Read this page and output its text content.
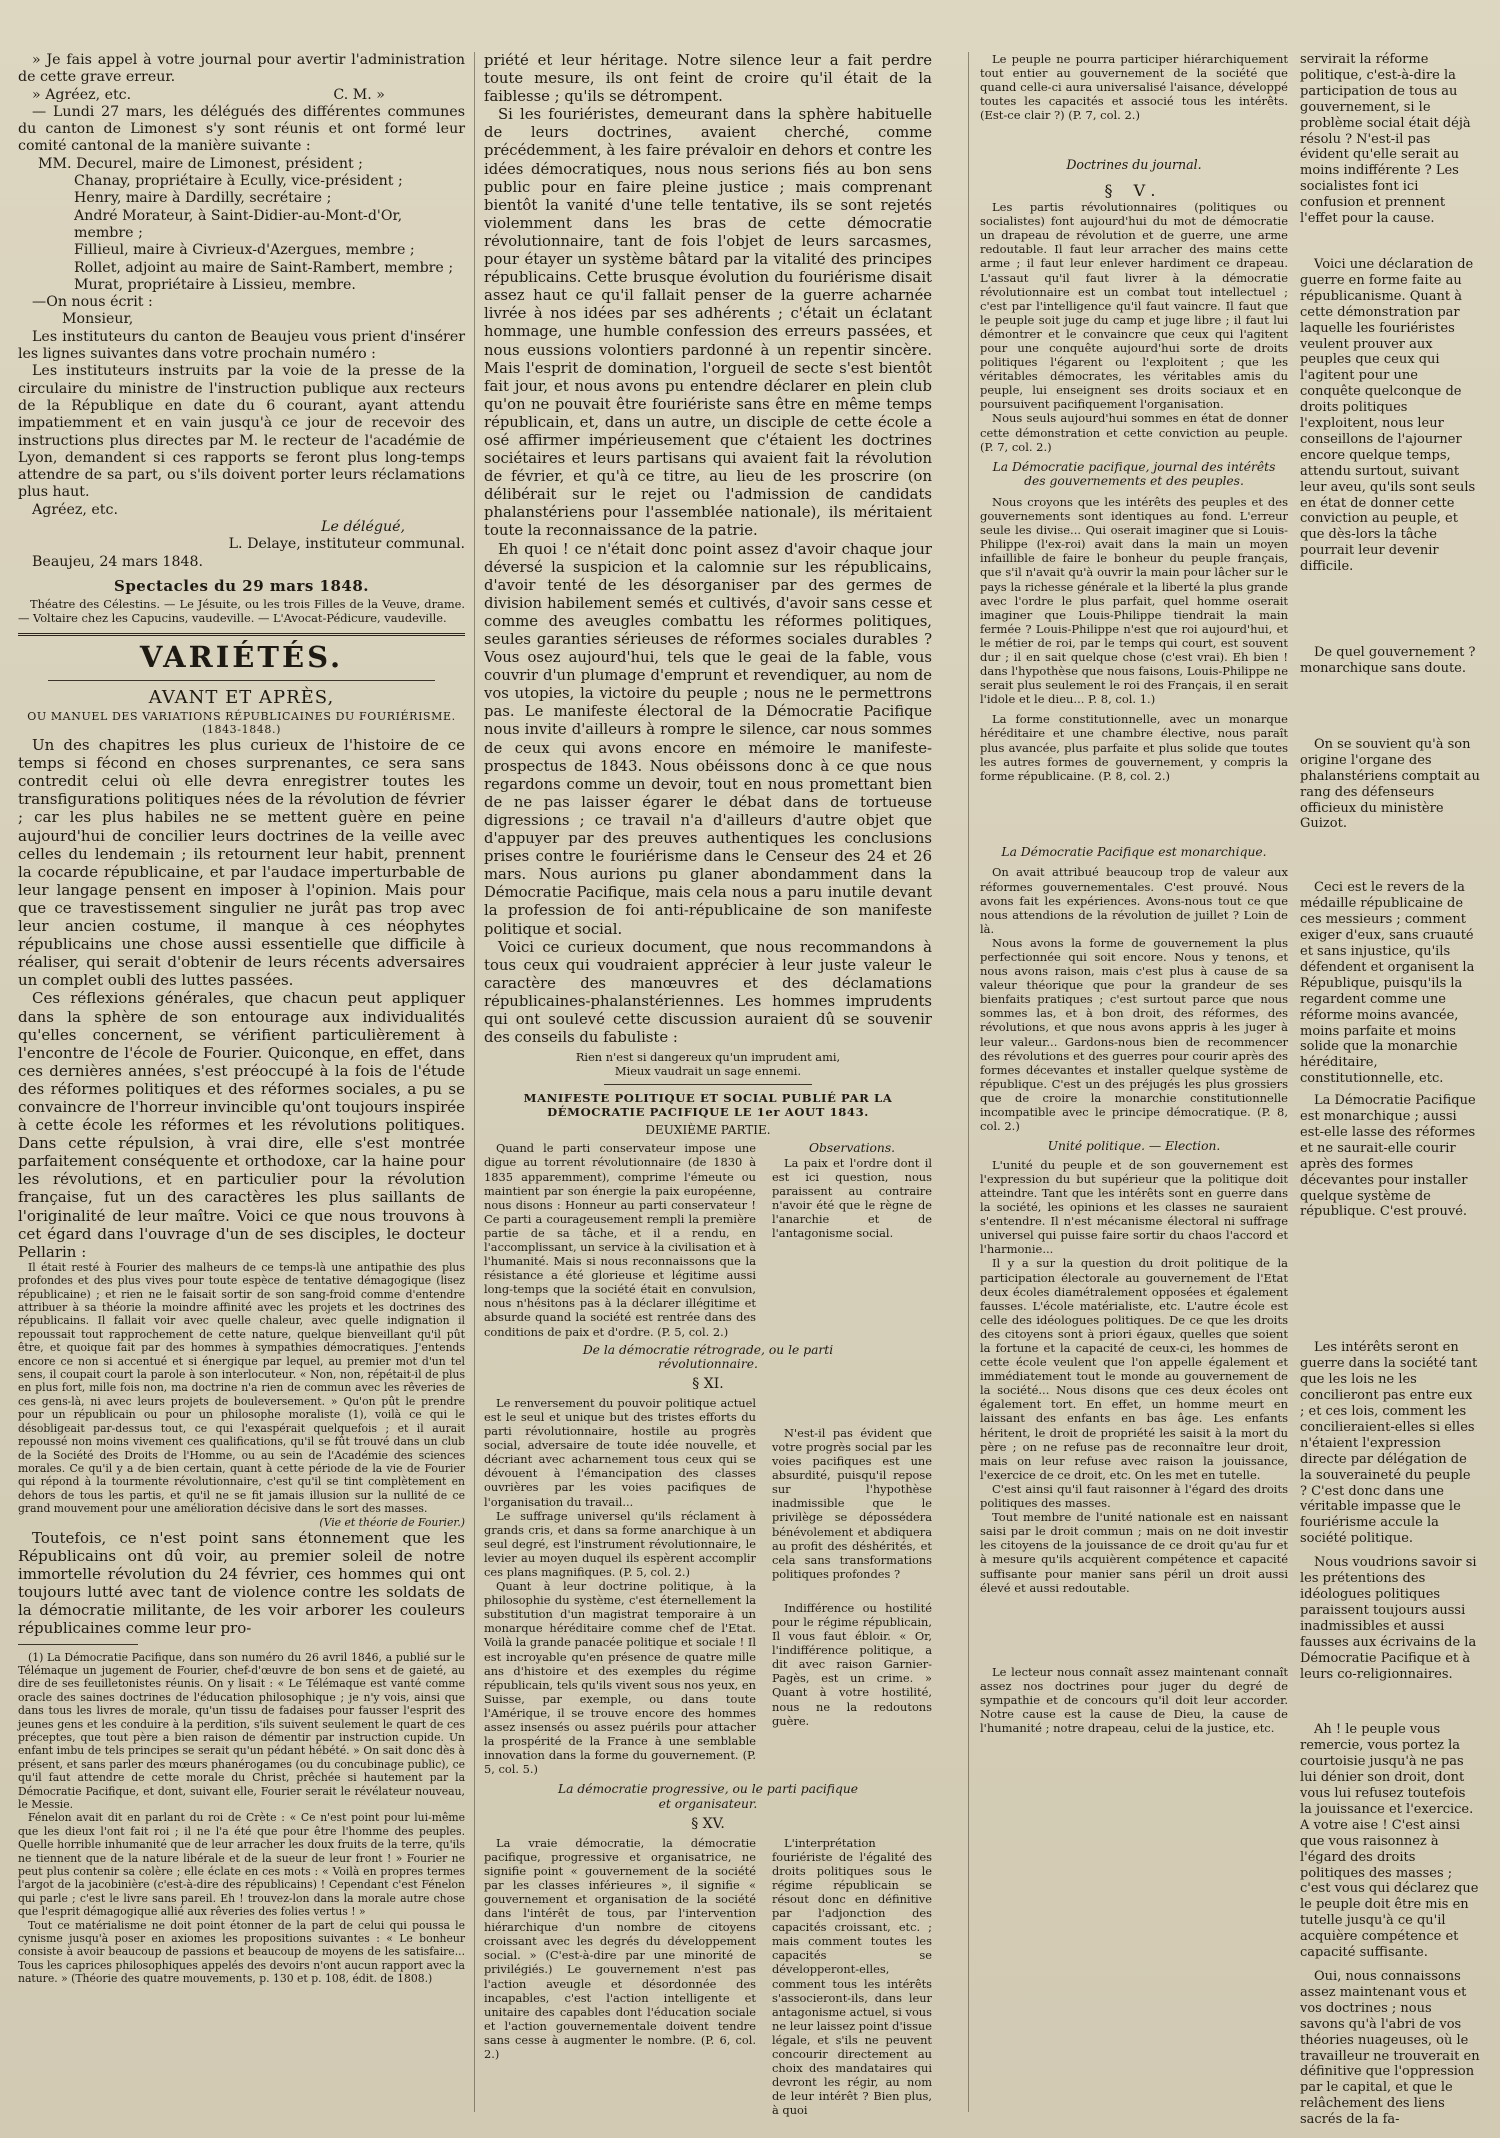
» Je fais appel à votre journal pour avertir l'administration de cette grave erreur.

» Agréez, etc.	C. M. »

— Lundi 27 mars, les délégués des différentes communes du canton de Limonest s'y sont réunis et ont formé leur comité cantonal de la manière suivante :

MM. Decurel, maire de Limonest, président ;
Chanay, propriétaire à Ecully, vice-président ;
Henry, maire à Dardilly, secrétaire ;
André Morateur, à Saint-Didier-au-Mont-d'Or, membre ;
Fillieul, maire à Civrieux-d'Azergues, membre ;
Rollet, adjoint au maire de Saint-Rambert, membre ;
Murat, propriétaire à Lissieu, membre.

—On nous écrit :

Monsieur,

Les instituteurs du canton de Beaujeu vous prient d'insérer les lignes suivantes dans votre prochain numéro :

Les instituteurs instruits par la voie de la presse de la circulaire du ministre de l'instruction publique aux recteurs de la République en date du 6 courant, ayant attendu impatiemment et en vain jusqu'à ce jour de recevoir des instructions plus directes par M. le recteur de l'académie de Lyon, demandent si ces rapports se feront plus long-temps attendre de sa part, ou s'ils doivent porter leurs réclamations plus haut.

Agréez, etc.

Le délégué,

L. Delaye, instituteur communal.

Beaujeu, 24 mars 1848.

Spectacles du 29 mars 1848.

Théatre des Célestins. — Le Jésuite, ou les trois Filles de la Veuve, drame. — Voltaire chez les Capucins, vaudeville. — L'Avocat-Pédicure, vaudeville.

VARIÉTÉS.
AVANT ET APRÈS,
OU MANUEL DES VARIATIONS RÉPUBLICAINES DU FOURIÉRISME.
(1843-1848.)

Un des chapitres les plus curieux de l'histoire de ce temps si fécond en choses surprenantes, ce sera sans contredit celui où elle devra enregistrer toutes les transfigurations politiques nées de la révolution de février ; car les plus habiles ne se mettent guère en peine aujourd'hui de concilier leurs doctrines de la veille avec celles du lendemain ; ils retournent leur habit, prennent la cocarde républicaine, et par l'audace imperturbable de leur langage pensent en imposer à l'opinion. Mais pour que ce travestissement singulier ne jurât pas trop avec leur ancien costume, il manque à ces néophytes républicains une chose aussi essentielle que difficile à réaliser, qui serait d'obtenir de leurs récents adversaires un complet oubli des luttes passées.

Ces réflexions générales, que chacun peut appliquer dans la sphère de son entourage aux individualités qu'elles concernent, se vérifient particulièrement à l'encontre de l'école de Fourier. Quiconque, en effet, dans ces dernières années, s'est préoccupé à la fois de l'étude des réformes politiques et des réformes sociales, a pu se convaincre de l'horreur invincible qu'ont toujours inspirée à cette école les réformes et les révolutions politiques. Dans cette répulsion, à vrai dire, elle s'est montrée parfaitement conséquente et orthodoxe, car la haine pour les révolutions, et en particulier pour la révolution française, fut un des caractères les plus saillants de l'originalité de leur maître. Voici ce que nous trouvons à cet égard dans l'ouvrage d'un de ses disciples, le docteur Pellarin :

Il était resté à Fourier des malheurs de ce temps-là une antipathie des plus profondes et des plus vives pour toute espèce de tentative démagogique (lisez républicaine) ; et rien ne le faisait sortir de son sang-froid comme d'entendre attribuer à sa théorie la moindre affinité avec les projets et les doctrines des républicains. Il fallait voir avec quelle chaleur, avec quelle indignation il repoussait tout rapprochement de cette nature, quelque bienveillant qu'il pût être, et quoique fait par des hommes à sympathies démocratiques. J'entends encore ce non si accentué et si énergique par lequel, au premier mot d'un tel sens, il coupait court la parole à son interlocuteur. « Non, non, répétait-il de plus en plus fort, mille fois non, ma doctrine n'a rien de commun avec les rêveries de ces gens-là, ni avec leurs projets de bouleversement. » Qu'on pût le prendre pour un républicain ou pour un philosophe moraliste (1), voilà ce qui le désobligeait par-dessus tout, ce qui l'exaspérait quelquefois ; et il aurait repoussé non moins vivement ces qualifications, qu'il se fût trouvé dans un club de la Société des Droits de l'Homme, ou au sein de l'Académie des sciences morales. Ce qu'il y a de bien certain, quant à cette période de la vie de Fourier qui répond à la tourmente révolutionnaire, c'est qu'il se tint complètement en dehors de tous les partis, et qu'il ne se fit jamais illusion sur la nullité de ce grand mouvement pour une amélioration décisive dans le sort des masses.

(Vie et théorie de Fourier.)

Toutefois, ce n'est point sans étonnement que les Républicains ont dû voir, au premier soleil de notre immortelle révolution du 24 février, ces hommes qui ont toujours lutté avec tant de violence contre les soldats de la démocratie militante, de les voir arborer les couleurs républicaines comme leur pro-

(1) La Démocratie Pacifique, dans son numéro du 26 avril 1846, a publié sur le Télémaque un jugement de Fourier, chef-d'œuvre de bon sens et de gaieté, au dire de ses feuilletonistes réunis. On y lisait : « Le Télémaque est vanté comme oracle des saines doctrines de l'éducation philosophique ; je n'y vois, ainsi que dans tous les livres de morale, qu'un tissu de fadaises pour fausser l'esprit des jeunes gens et les conduire à la perdition, s'ils suivent seulement le quart de ces préceptes, que tout père a bien raison de démentir par instruction cupide. Un enfant imbu de tels principes se serait qu'un pédant hébété. » On sait donc dès à présent, et sans parler des mœurs phanérogames (ou du concubinage public), ce qu'il faut attendre de cette morale du Christ, prêchée si hautement par la Démocratie Pacifique, et dont, suivant elle, Fourier serait le révélateur nouveau, le Messie.

Fénelon avait dit en parlant du roi de Crète : « Ce n'est point pour lui-même que les dieux l'ont fait roi ; il ne l'a été que pour être l'homme des peuples. Quelle horrible inhumanité que de leur arracher les doux fruits de la terre, qu'ils ne tiennent que de la nature libérale et de la sueur de leur front ! » Fourier ne peut plus contenir sa colère ; elle éclate en ces mots : « Voilà en propres termes l'argot de la jacobinière (c'est-à-dire des républicains) ! Cependant c'est Fénelon qui parle ; c'est le livre sans pareil. Eh ! trouvez-lon dans la morale autre chose que l'esprit démagogique allié aux rêveries des folies vertus ! »

Tout ce matérialisme ne doit point étonner de la part de celui qui poussa le cynisme jusqu'à poser en axiomes les propositions suivantes : « Le bonheur consiste à avoir beaucoup de passions et beaucoup de moyens de les satisfaire... Tous les caprices philosophiques appelés des devoirs n'ont aucun rapport avec la nature. » (Théorie des quatre mouvements, p. 130 et p. 108, édit. de 1808.)

priété et leur héritage. Notre silence leur a fait perdre toute mesure, ils ont feint de croire qu'il était de la faiblesse ; qu'ils se détrompent.

Si les fouriéristes, demeurant dans la sphère habituelle de leurs doctrines, avaient cherché, comme précédemment, à les faire prévaloir en dehors et contre les idées démocratiques, nous nous serions fiés au bon sens public pour en faire pleine justice ; mais comprenant bientôt la vanité d'une telle tentative, ils se sont rejetés violemment dans les bras de cette démocratie révolutionnaire, tant de fois l'objet de leurs sarcasmes, pour étayer un système bâtard par la vitalité des principes républicains. Cette brusque évolution du fouriérisme disait assez haut ce qu'il fallait penser de la guerre acharnée livrée à nos idées par ses adhérents ; c'était un éclatant hommage, une humble confession des erreurs passées, et nous eussions volontiers pardonné à un repentir sincère. Mais l'esprit de domination, l'orgueil de secte s'est bientôt fait jour, et nous avons pu entendre déclarer en plein club qu'on ne pouvait être fouriériste sans être en même temps républicain, et, dans un autre, un disciple de cette école a osé affirmer impérieusement que c'étaient les doctrines sociétaires et leurs partisans qui avaient fait la révolution de février, et qu'à ce titre, au lieu de les proscrire (on délibérait sur le rejet ou l'admission de candidats phalanstériens pour l'assemblée nationale), ils méritaient toute la reconnaissance de la patrie.

Eh quoi ! ce n'était donc point assez d'avoir chaque jour déversé la suspicion et la calomnie sur les républicains, d'avoir tenté de les désorganiser par des germes de division habilement semés et cultivés, d'avoir sans cesse et comme des aveugles combattu les réformes politiques, seules garanties sérieuses de réformes sociales durables ? Vous osez aujourd'hui, tels que le geai de la fable, vous couvrir d'un plumage d'emprunt et revendiquer, au nom de vos utopies, la victoire du peuple ; nous ne le permettrons pas. Le manifeste électoral de la Démocratie Pacifique nous invite d'ailleurs à rompre le silence, car nous sommes de ceux qui avons encore en mémoire le manifeste-prospectus de 1843. Nous obéissons donc à ce que nous regardons comme un devoir, tout en nous promettant bien de ne pas laisser égarer le débat dans de tortueuse digressions ; ce travail n'a d'ailleurs d'autre objet que d'appuyer par des preuves authentiques les conclusions prises contre le fouriérisme dans le Censeur des 24 et 26 mars. Nous aurions pu glaner abondamment dans la Démocratie Pacifique, mais cela nous a paru inutile devant la profession de foi anti-républicaine de son manifeste politique et social.

Voici ce curieux document, que nous recommandons à tous ceux qui voudraient apprécier à leur juste valeur le caractère des manœuvres et des déclamations républicaines-phalanstériennes. Les hommes imprudents qui ont soulevé cette discussion auraient dû se souvenir des conseils du fabuliste :

Rien n'est si dangereux qu'un imprudent ami,
Mieux vaudrait un sage ennemi.
MANIFESTE POLITIQUE ET SOCIAL PUBLIÉ PAR LA
DÉMOCRATIE PACIFIQUE LE 1er AOUT 1843.
DEUXIÈME PARTIE.

Quand le parti conservateur impose une digue au torrent révolutionnaire (de 1830 à 1835 apparemment), comprime l'émeute ou maintient par son énergie la paix européenne, nous disons : Honneur au parti conservateur ! Ce parti a courageusement rempli la première partie de sa tâche, et il a rendu, en l'accomplissant, un service à la civilisation et à l'humanité. Mais si nous reconnaissons que la résistance a été glorieuse et légitime aussi long-temps que la société était en convulsion, nous n'hésitons pas à la déclarer illégitime et absurde quand la société est rentrée dans des conditions de paix et d'ordre. (P. 5, col. 2.)

Observations.

La paix et l'ordre dont il est ici question, nous paraissent au contraire n'avoir été que le règne de l'anarchie et de l'antagonisme social.

De la démocratie rétrograde, ou le parti
révolutionnaire.
§ XI.

Le renversement du pouvoir politique actuel est le seul et unique but des tristes efforts du parti révolutionnaire, hostile au progrès social, adversaire de toute idée nouvelle, et décriant avec acharnement tous ceux qui se dévouent à l'émancipation des classes ouvrières par les voies pacifiques de l'organisation du travail...

Le suffrage universel qu'ils réclament à grands cris, et dans sa forme anarchique à un seul degré, est l'instrument révolutionnaire, le levier au moyen duquel ils espèrent accomplir ces plans magnifiques. (P. 5, col. 2.)

Quant à leur doctrine politique, à la philosophie du système, c'est éternellement la substitution d'un magistrat temporaire à un monarque héréditaire comme chef de l'Etat. Voilà la grande panacée politique et sociale ! Il est incroyable qu'en présence de quatre mille ans d'histoire et des exemples du régime républicain, tels qu'ils vivent sous nos yeux, en Suisse, par exemple, ou dans toute l'Amérique, il se trouve encore des hommes assez insensés ou assez puérils pour attacher la prospérité de la France à une semblable innovation dans la forme du gouvernement. (P. 5, col. 5.)

N'est-il pas évident que votre progrès social par les voies pacifiques est une absurdité, puisqu'il repose sur l'hypothèse inadmissible que le privilège se dépossédera bénévolement et abdiquera au profit des déshérités, et cela sans transformations politiques profondes ?

Indifférence ou hostilité pour le régime républicain, Il vous faut ébloir. « Or, l'indifférence politique, a dit avec raison Garnier-Pagès, est un crime. » Quant à votre hostilité, nous ne la redoutons guère.

La démocratie progressive, ou le parti pacifique
et organisateur.
§ XV.

La vraie démocratie, la démocratie pacifique, progressive et organisatrice, ne signifie point « gouvernement de la société par les classes inférieures », il signifie « gouvernement et organisation de la société dans l'intérêt de tous, par l'intervention hiérarchique d'un nombre de citoyens croissant avec les degrés du développement social. » (C'est-à-dire par une minorité de privilégiés.) Le gouvernement n'est pas l'action aveugle et désordonnée des incapables, c'est l'action intelligente et unitaire des capables dont l'éducation sociale et l'action gouvernementale doivent tendre sans cesse à augmenter le nombre. (P. 6, col. 2.)

L'interprétation fouriériste de l'égalité des droits politiques sous le régime républicain se résout donc en définitive par l'adjonction des capacités croissant, etc. ; mais comment toutes les capacités se développeront-elles, comment tous les intérêts s'associeront-ils, dans leur antagonisme actuel, si vous ne leur laissez point d'issue légale, et s'ils ne peuvent concourir directement au choix des mandataires qui devront les régir, au nom de leur intérêt ? Bien plus, à quoi

Le peuple ne pourra participer hiérarchiquement tout entier au gouvernement de la société que quand celle-ci aura universalisé l'aisance, développé toutes les capacités et associé tous les intérêts. (Est-ce clair ?) (P. 7, col. 2.)

Doctrines du journal.
§ V.

Les partis révolutionnaires (politiques ou socialistes) font aujourd'hui du mot de démocratie un drapeau de révolution et de guerre, une arme redoutable. Il faut leur arracher des mains cette arme ; il faut leur enlever hardiment ce drapeau. L'assaut qu'il faut livrer à la démocratie révolutionnaire est un combat tout intellectuel ; c'est par l'intelligence qu'il faut vaincre. Il faut que le peuple soit juge du camp et juge libre ; il faut lui démontrer et le convaincre que ceux qui l'agitent pour une conquête aujourd'hui sorte de droits politiques l'égarent ou l'exploitent ; que les véritables démocrates, les véritables amis du peuple, lui enseignent ses droits sociaux et en poursuivent pacifiquement l'organisation.

Nous seuls aujourd'hui sommes en état de donner cette démonstration et cette conviction au peuple. (P. 7, col. 2.)

La Démocratie pacifique, journal des intérêts des gouvernements et des peuples.

Nous croyons que les intérêts des peuples et des gouvernements sont identiques au fond. L'erreur seule les divise... Qui oserait imaginer que si Louis-Philippe (l'ex-roi) avait dans la main un moyen infaillible de faire le bonheur du peuple français, que s'il n'avait qu'à ouvrir la main pour lâcher sur le pays la richesse générale et la liberté la plus grande avec l'ordre le plus parfait, quel homme oserait imaginer que Louis-Philippe tiendrait la main fermée ? Louis-Philippe n'est que roi aujourd'hui, et le métier de roi, par le temps qui court, est souvent dur ; il en sait quelque chose (c'est vrai). Eh bien ! dans l'hypothèse que nous faisons, Louis-Philippe ne serait plus seulement le roi des Français, il en serait l'idole et le dieu... P. 8, col. 1.)

La forme constitutionnelle, avec un monarque héréditaire et une chambre élective, nous paraît plus avancée, plus parfaite et plus solide que toutes les autres formes de gouvernement, y compris la forme républicaine. (P. 8, col. 2.)

La Démocratie Pacifique est monarchique.

On avait attribué beaucoup trop de valeur aux réformes gouvernementales. C'est prouvé. Nous avons fait les expériences. Avons-nous tout ce que nous attendions de la révolution de juillet ? Loin de là.

Nous avons la forme de gouvernement la plus perfectionnée qui soit encore. Nous y tenons, et nous avons raison, mais c'est plus à cause de sa valeur théorique que pour la grandeur de ses bienfaits pratiques ; c'est surtout parce que nous sommes las, et à bon droit, des réformes, des révolutions, et que nous avons appris à les juger à leur valeur... Gardons-nous bien de recommencer des révolutions et des guerres pour courir après des formes décevantes et installer quelque système de république. C'est un des préjugés les plus grossiers que de croire la monarchie constitutionnelle incompatible avec le principe démocratique. (P. 8, col. 2.)

Unité politique. — Election.

L'unité du peuple et de son gouvernement est l'expression du but supérieur que la politique doit atteindre. Tant que les intérêts sont en guerre dans la société, les opinions et les classes ne sauraient s'entendre. Il n'est mécanisme électoral ni suffrage universel qui puisse faire sortir du chaos l'accord et l'harmonie...

Il y a sur la question du droit politique de la participation électorale au gouvernement de l'Etat deux écoles diamétralement opposées et également fausses. L'école matérialiste, etc. L'autre école est celle des idéologues politiques. De ce que les droits des citoyens sont à priori égaux, quelles que soient la fortune et la capacité de ceux-ci, les hommes de cette école veulent que l'on appelle également et immédiatement tout le monde au gouvernement de la société... Nous disons que ces deux écoles ont également tort. En effet, un homme meurt en laissant des enfants en bas âge. Les enfants héritent, le droit de propriété les saisit à la mort du père ; on ne refuse pas de reconnaître leur droit, mais on leur refuse avec raison la jouissance, l'exercice de ce droit, etc. On les met en tutelle.

C'est ainsi qu'il faut raisonner à l'égard des droits politiques des masses.

Tout membre de l'unité nationale est en naissant saisi par le droit commun ; mais on ne doit investir les citoyens de la jouissance de ce droit qu'au fur et à mesure qu'ils acquièrent compétence et capacité suffisante pour manier sans péril un droit aussi élevé et aussi redoutable.

Le lecteur nous connaît assez maintenant connaît assez nos doctrines pour juger du degré de sympathie et de concours qu'il doit leur accorder. Notre cause est la cause de Dieu, la cause de l'humanité ; notre drapeau, celui de la justice, etc.

servirait la réforme politique, c'est-à-dire la participation de tous au gouvernement, si le problème social était déjà résolu ? N'est-il pas évident qu'elle serait au moins indifférente ? Les socialistes font ici confusion et prennent l'effet pour la cause.

Voici une déclaration de guerre en forme faite au républicanisme. Quant à cette démonstration par laquelle les fouriéristes veulent prouver aux peuples que ceux qui l'agitent pour une conquête quelconque de droits politiques l'exploitent, nous leur conseillons de l'ajourner encore quelque temps, attendu surtout, suivant leur aveu, qu'ils sont seuls en état de donner cette conviction au peuple, et que dès-lors la tâche pourrait leur devenir difficile.

De quel gouvernement ? monarchique sans doute.

On se souvient qu'à son origine l'organe des phalanstériens comptait au rang des défenseurs officieux du ministère Guizot.

Ceci est le revers de la médaille républicaine de ces messieurs ; comment exiger d'eux, sans cruauté et sans injustice, qu'ils défendent et organisent la République, puisqu'ils la regardent comme une réforme moins avancée, moins parfaite et moins solide que la monarchie héréditaire, constitutionnelle, etc.

La Démocratie Pacifique est monarchique ; aussi est-elle lasse des réformes et ne saurait-elle courir après des formes décevantes pour installer quelque système de république. C'est prouvé.

Les intérêts seront en guerre dans la société tant que les lois ne les concilieront pas entre eux ; et ces lois, comment les concilieraient-elles si elles n'étaient l'expression directe par délégation de la souveraineté du peuple ? C'est donc dans une véritable impasse que le fouriérisme accule la société politique.

Nous voudrions savoir si les prétentions des idéologues politiques paraissent toujours aussi inadmissibles et aussi fausses aux écrivains de la Démocratie Pacifique et à leurs co-religionnaires.

Ah ! le peuple vous remercie, vous portez la courtoisie jusqu'à ne pas lui dénier son droit, dont vous lui refusez toutefois la jouissance et l'exercice. A votre aise ! C'est ainsi que vous raisonnez à l'égard des droits politiques des masses ; c'est vous qui déclarez que le peuple doit être mis en tutelle jusqu'à ce qu'il acquière compétence et capacité suffisante.

Oui, nous connaissons assez maintenant vous et vos doctrines ; nous savons qu'à l'abri de vos théories nuageuses, où le travailleur ne trouverait en définitive que l'oppression par le capital, et que le relâchement des liens sacrés de la fa-
